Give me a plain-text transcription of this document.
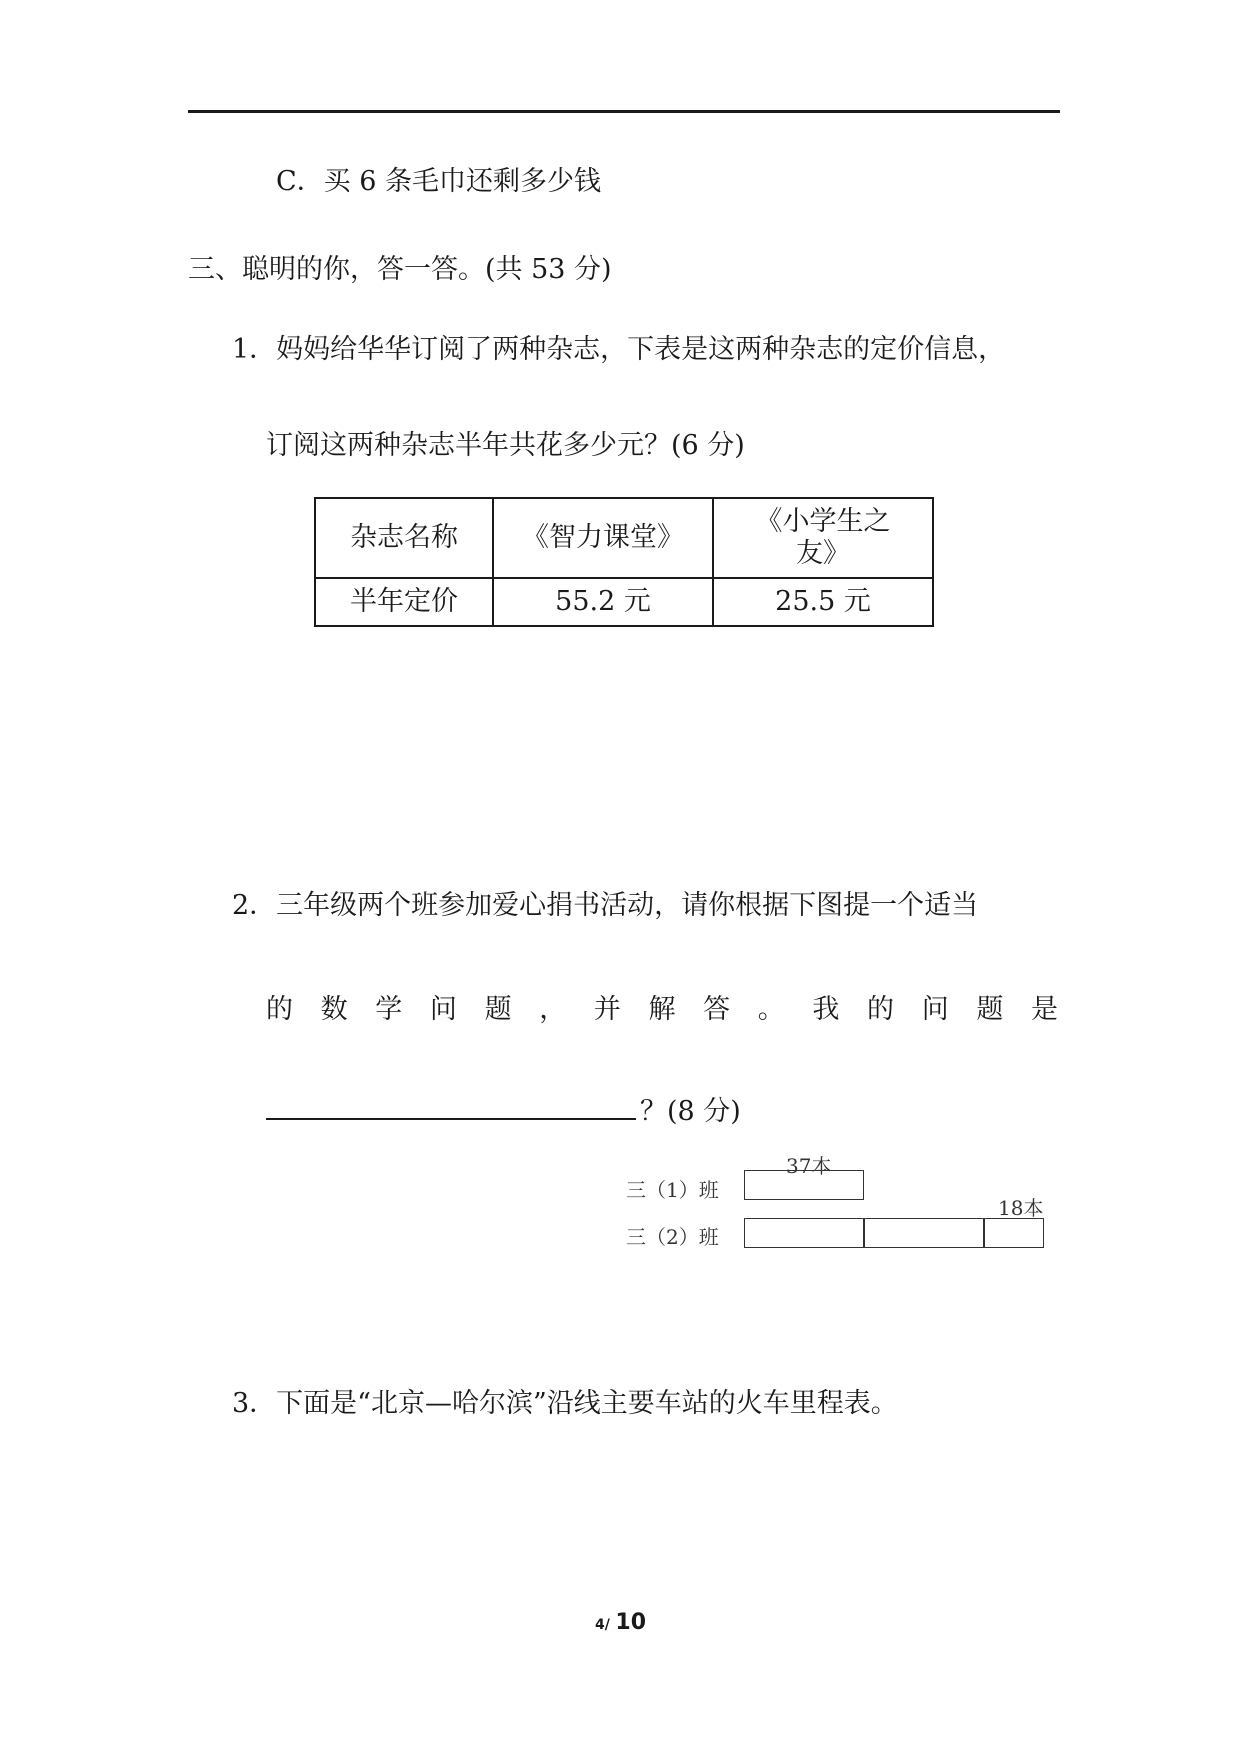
C．买 6 条毛巾还剩多少钱
三、聪明的你，答一答。(共 53 分)
1．妈妈给华华订阅了两种杂志，下表是这两种杂志的定价信息，
订阅这两种杂志半年共花多少元？(6 分)
杂志名称	《智力课堂》	《小学生之友》
半年定价	55.2 元	25.5 元
2．三年级两个班参加爱心捐书活动，请你根据下图提一个适当
的 数 学 问 题 ， 并 解 答 。 我 的 问 题 是
？(8 分)
37本
三（1）班
18本
三（2）班
3．下面是“北京—哈尔滨”沿线主要车站的火车里程表。
4/ 10
